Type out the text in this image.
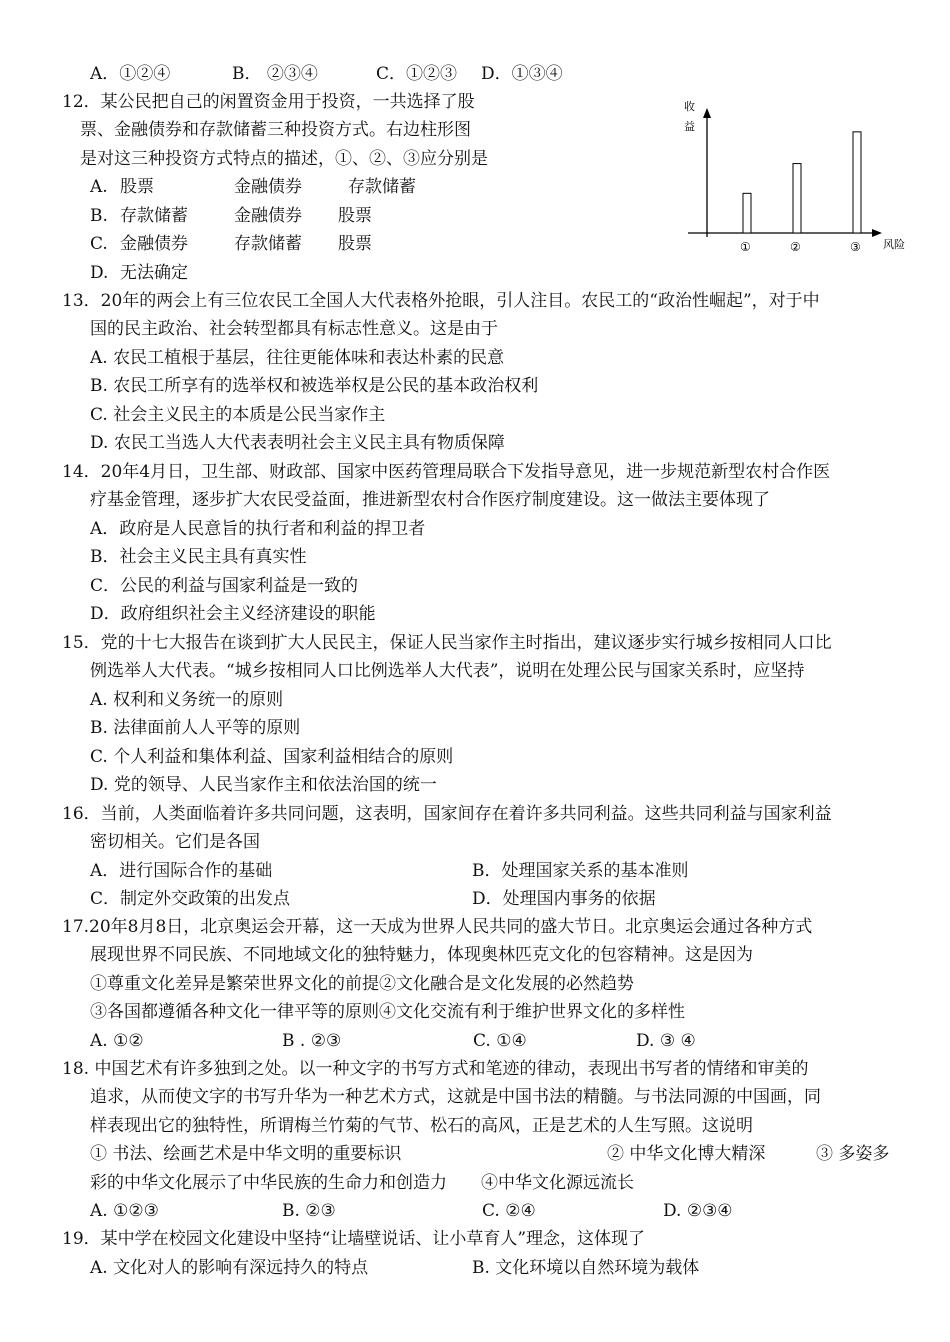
A．①②④	B． ②③④	C．①②③ D．①③④
12．某公民把自己的闲置资金用于投资，一共选择了股
票、金融债券和存款储蓄三种投资方式。右边柱形图
是对这三种投资方式特点的描述，①、②、③应分别是
A. 股票	金融债券	存款储蓄
B. 存款储蓄	金融债券 股票
C. 金融债券	存款储蓄 股票
D. 无法确定
收
益
风险
①	②	③
13．20年的两会上有三位农民工全国人大代表格外抢眼，引人注目。农民工的“政治性崛起”，对于中
国的民主政治、社会转型都具有标志性意义。这是由于
A. 农民工植根于基层，往往更能体味和表达朴素的民意
B. 农民工所享有的选举权和被选举权是公民的基本政治权利
C. 社会主义民主的本质是公民当家作主
D. 农民工当选人大代表表明社会主义民主具有物质保障
14．20年4月日，卫生部、财政部、国家中医药管理局联合下发指导意见，进一步规范新型农村合作医
疗基金管理，逐步扩大农民受益面，推进新型农村合作医疗制度建设。这一做法主要体现了
A．政府是人民意旨的执行者和利益的捍卫者
B．社会主义民主具有真实性
C．公民的利益与国家利益是一致的
D．政府组织社会主义经济建设的职能
15．党的十七大报告在谈到扩大人民民主，保证人民当家作主时指出，建议逐步实行城乡按相同人口比
例选举人大代表。“城乡按相同人口比例选举人大代表”，说明在处理公民与国家关系时，应坚持
A. 权利和义务统一的原则
B. 法律面前人人平等的原则
C. 个人利益和集体利益、国家利益相结合的原则
D. 党的领导、人民当家作主和依法治国的统一
16．当前，人类面临着许多共同问题，这表明，国家间存在着许多共同利益。这些共同利益与国家利益
密切相关。它们是各国
A．进行国际合作的基础	B．处理国家关系的基本准则
C．制定外交政策的出发点	D．处理国内事务的依据
17.20年8月8日，北京奥运会开幕，这一天成为世界人民共同的盛大节日。北京奥运会通过各种方式
展现世界不同民族、不同地域文化的独特魅力，体现奥林匹克文化的包容精神。这是因为
①尊重文化差异是繁荣世界文化的前提②文化融合是文化发展的必然趋势
③各国都遵循各种文化一律平等的原则④文化交流有利于维护世界文化的多样性
A. ①②	B . ②③	C. ①④	D. ③ ④
18. 中国艺术有许多独到之处。以一种文字的书写方式和笔迹的律动，表现出书写者的情绪和审美的
追求，从而使文字的书写升华为一种艺术方式，这就是中国书法的精髓。与书法同源的中国画，同
样表现出它的独特性，所谓梅兰竹菊的气节、松石的高风，正是艺术的人生写照。这说明
① 书法、绘画艺术是中华文明的重要标识	② 中华文化博大精深	③ 多姿多
彩的中华文化展示了中华民族的生命力和创造力　　④中华文化源远流长
A. ①②③	B. ②③	C. ②④	D. ②③④
19．某中学在校园文化建设中坚持“让墙壁说话、让小草育人”理念，这体现了
A. 文化对人的影响有深远持久的特点	B. 文化环境以自然环境为载体
